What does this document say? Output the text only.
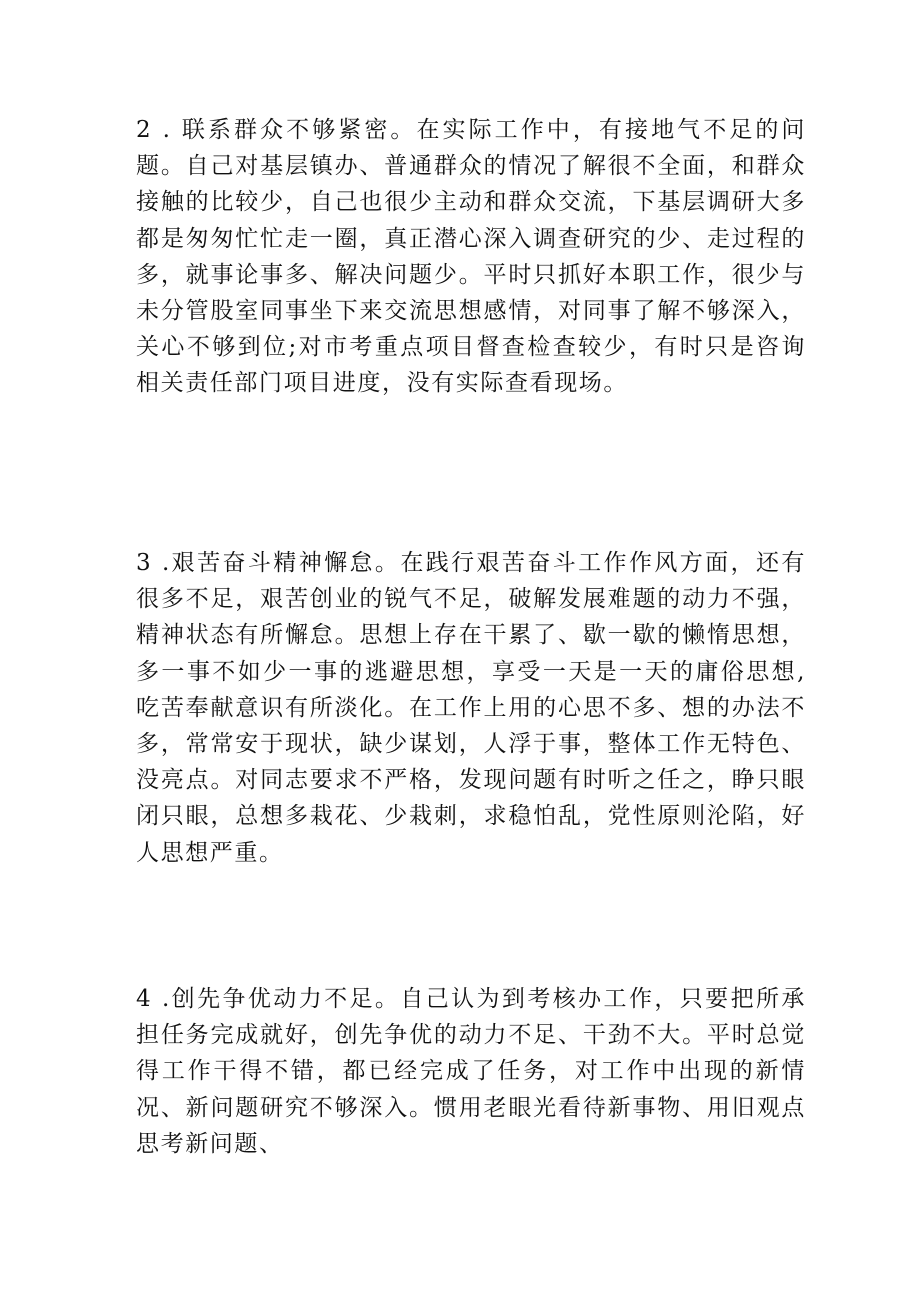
2 . 联系群众不够紧密。在实际工作中，有接地气不足的问题。自己对基层镇办、普通群众的情况了解很不全面，和群众接触的比较少，自己也很少主动和群众交流，下基层调研大多都是匆匆忙忙走一圈，真正潜心深入调查研究的少、走过程的多，就事论事多、解决问题少。平时只抓好本职工作，很少与未分管股室同事坐下来交流思想感情，对同事了解不够深入，关心不够到位;对市考重点项目督查检查较少，有时只是咨询相关责任部门项目进度，没有实际查看现场。

3 .艰苦奋斗精神懈怠。在践行艰苦奋斗工作作风方面，还有很多不足，艰苦创业的锐气不足，破解发展难题的动力不强，精神状态有所懈怠。思想上存在干累了、歇一歇的懒惰思想，多一事不如少一事的逃避思想，享受一天是一天的庸俗思想,吃苦奉献意识有所淡化。在工作上用的心思不多、想的办法不多，常常安于现状，缺少谋划，人浮于事，整体工作无特色、没亮点。对同志要求不严格，发现问题有时听之任之，睁只眼闭只眼，总想多栽花、少栽刺，求稳怕乱，党性原则沦陷，好人思想严重。

4 .创先争优动力不足。自己认为到考核办工作，只要把所承担任务完成就好，创先争优的动力不足、干劲不大。平时总觉得工作干得不错，都已经完成了任务，对工作中出现的新情况、新问题研究不够深入。惯用老眼光看待新事物、用旧观点思考新问题、
